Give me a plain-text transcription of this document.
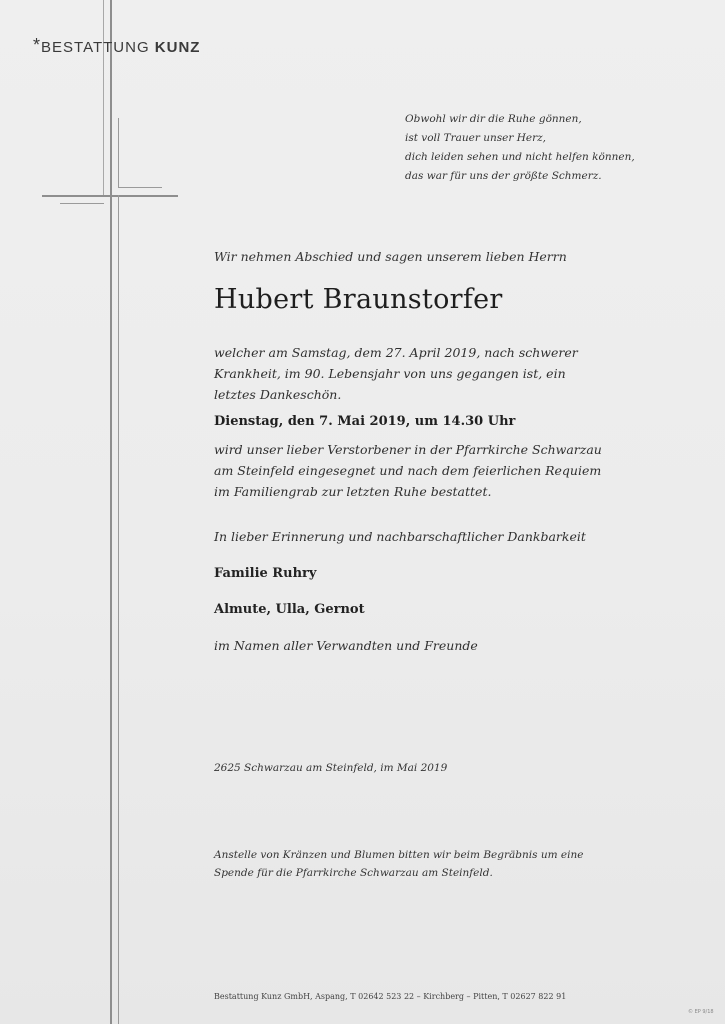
*BESTATTUNG KUNZ
Obwohl wir dir die Ruhe gönnen,
ist voll Trauer unser Herz,
dich leiden sehen und nicht helfen können,
das war für uns der größte Schmerz.
Wir nehmen Abschied und sagen unserem lieben Herrn
Hubert Braunstorfer
welcher am Samstag, dem 27. April 2019, nach schwerer Krankheit, im 90. Lebensjahr von uns gegangen ist, ein letztes Dankeschön.
Dienstag, den 7. Mai 2019, um 14.30 Uhr
wird unser lieber Verstorbener in der Pfarrkirche Schwarzau am Steinfeld eingesegnet und nach dem feierlichen Requiem im Familiengrab zur letzten Ruhe bestattet.
In lieber Erinnerung und nachbarschaftlicher Dankbarkeit
Familie Ruhry
Almute, Ulla, Gernot
im Namen aller Verwandten und Freunde
2625 Schwarzau am Steinfeld, im Mai 2019
Anstelle von Kränzen und Blumen bitten wir beim Begräbnis um eine Spende für die Pfarrkirche Schwarzau am Steinfeld.
Bestattung Kunz GmbH, Aspang, T 02642 523 22 – Kirchberg – Pitten, T 02627 822 91
© EP 9/18
